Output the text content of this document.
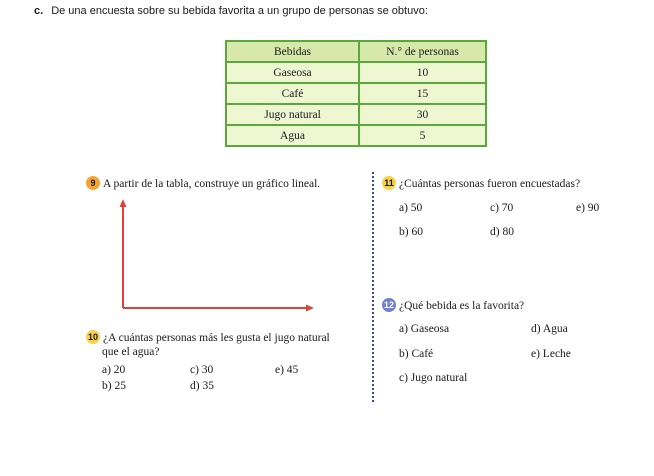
c. De una encuesta sobre su bebida favorita a un grupo de personas se obtuvo:
Bebidas	N.° de personas
Gaseosa	10
Café	15
Jugo natural	30
Agua	5
9 A partir de la tabla, construye un gráfico lineal.
10 ¿A cuántas personas más les gusta el jugo natural
que el agua?
a) 20
b) 25
c) 30
d) 35
e) 45
11 ¿Cuántas personas fueron encuestadas?
a) 50
b) 60
c) 70
d) 80
e) 90
12 ¿Qué bebida es la favorita?
a) Gaseosa
b) Café
c) Jugo natural
d) Agua
e) Leche
